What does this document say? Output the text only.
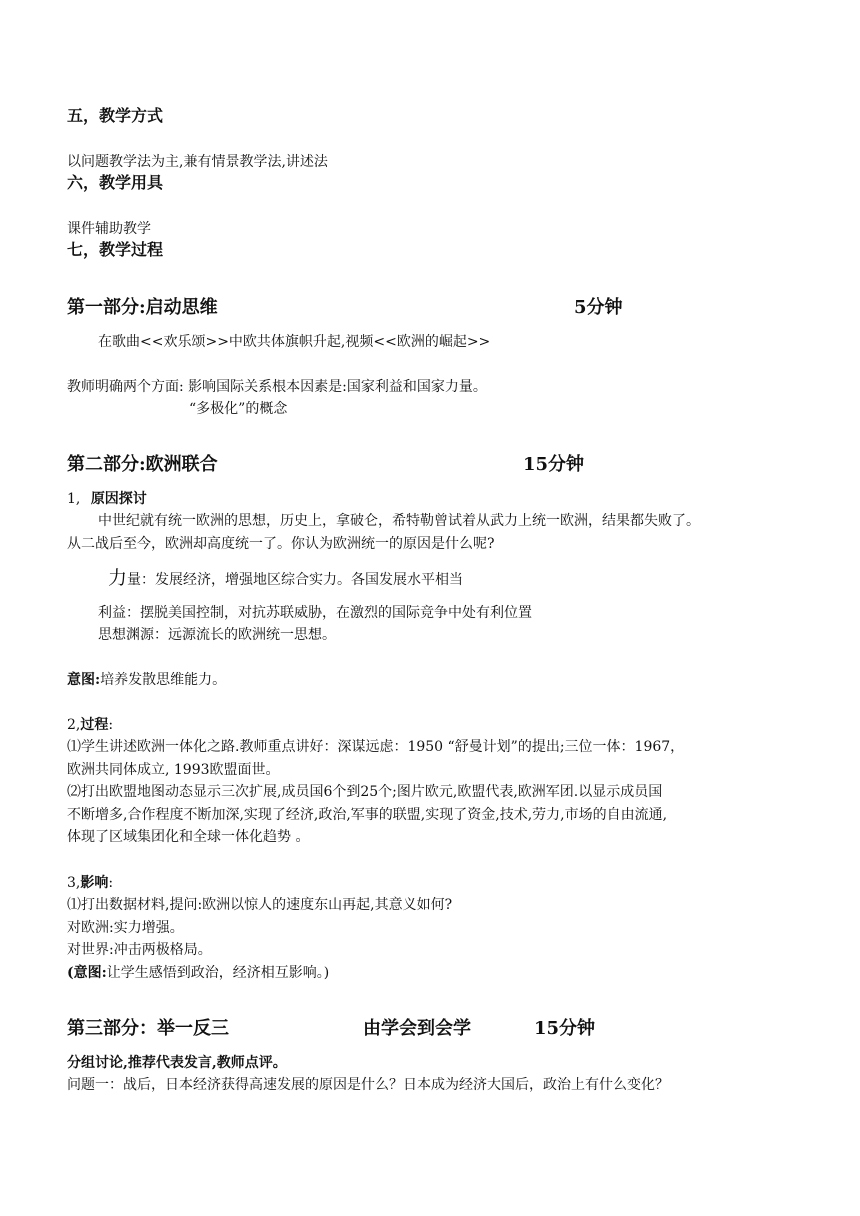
五，教学方式
以问题教学法为主,兼有情景教学法,讲述法
六，教学用具
课件辅助教学
七，教学过程
第一部分:启动思维	5分钟
在歌曲<<欢乐颂>>中欧共体旗帜升起,视频<<欧洲的崛起>>
教师明确两个方面: 影响国际关系根本因素是:国家利益和国家力量。
“多极化”的概念
第二部分:欧洲联合	15分钟
1, 原因探讨
中世纪就有统一欧洲的思想，历史上，拿破仑，希特勒曾试着从武力上统一欧洲，结果都失败了。
从二战后至今，欧洲却高度统一了。你认为欧洲统一的原因是什么呢?
力量：发展经济，增强地区综合实力。各国发展水平相当
利益：摆脱美国控制，对抗苏联威胁，在激烈的国际竞争中处有利位置
思想渊源：远源流长的欧洲统一思想。
意图:培养发散思维能力。
2,过程:
⑴学生讲述欧洲一体化之路.教师重点讲好：深谋远虑：1950 “舒曼计划”的提出;三位一体：1967，
欧洲共同体成立, 1993欧盟面世。
⑵打出欧盟地图动态显示三次扩展,成员国6个到25个;图片欧元,欧盟代表,欧洲军团.以显示成员国
不断增多,合作程度不断加深,实现了经济,政治,军事的联盟,实现了资金,技术,劳力,市场的自由流通,
体现了区域集团化和全球一体化趋势 。
3,影响:
⑴打出数据材料,提问:欧洲以惊人的速度东山再起,其意义如何?
对欧洲:实力增强。
对世界:冲击两极格局。
(意图:让学生感悟到政治，经济相互影响。)
第三部分：举一反三	由学会到会学	15分钟
分组讨论,推荐代表发言,教师点评。
问题一：战后，日本经济获得高速发展的原因是什么？日本成为经济大国后，政治上有什么变化？
